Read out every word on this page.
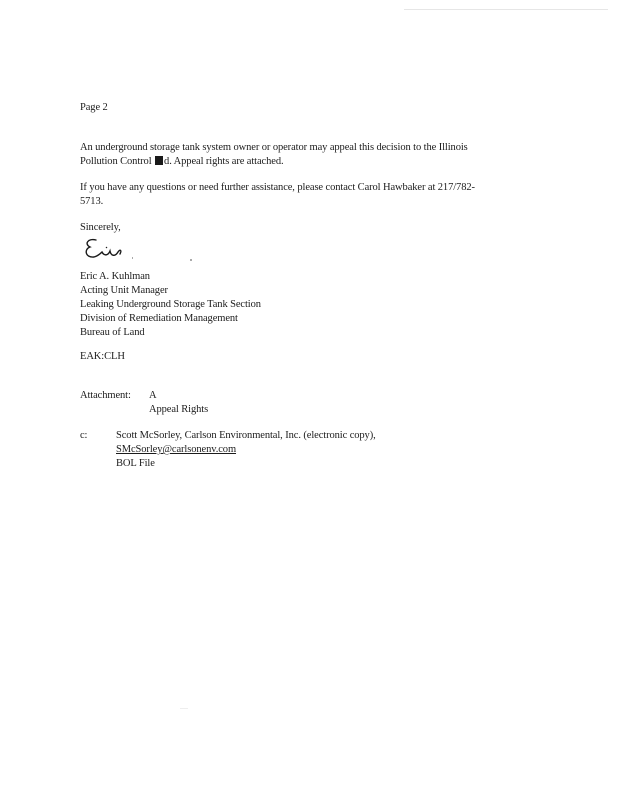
Page 2
An underground storage tank system owner or operator may appeal this decision to the Illinois
Pollution Control d. Appeal rights are attached.
If you have any questions or need further assistance, please contact Carol Hawbaker at 217/782-
5713.
Sincerely,
Eric A. Kuhlman
Acting Unit Manager
Leaking Underground Storage Tank Section
Division of Remediation Management
Bureau of Land
EAK:CLH
Attachment: A
Appeal Rights
c:	Scott McSorley, Carlson Environmental, Inc. (electronic copy),
SMcSorley@carlsonenv.com
BOL File
